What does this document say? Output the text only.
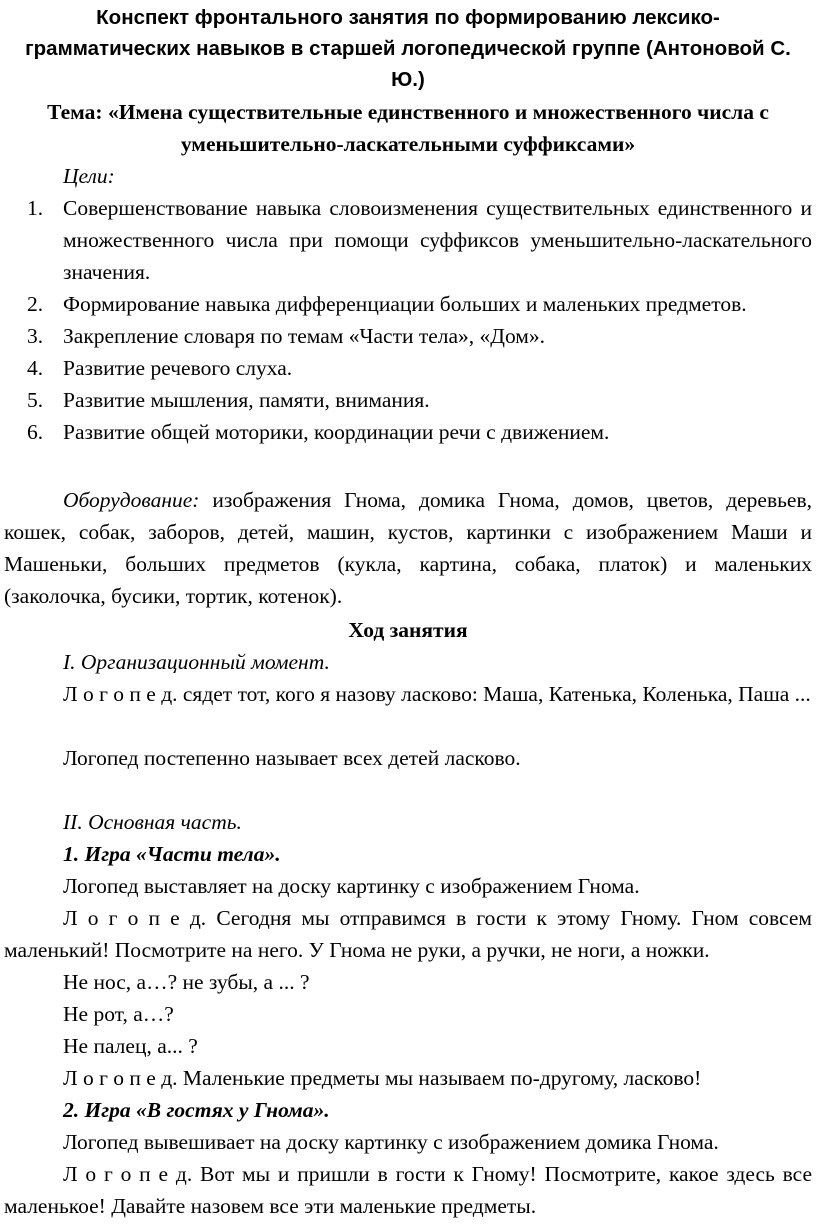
Конспект фронтального занятия по формированию лексико-грамматических навыков в старшей логопедической группе (Антоновой С. Ю.)
Тема: «Имена существительные единственного и множественного числа с уменьшительно-ласкательными суффиксами»
Цели:
1. Совершенствование навыка словоизменения существительных единственного и множественного числа при помощи суффиксов уменьшительно-ласкательного значения.
2. Формирование навыка дифференциации больших и маленьких предметов.
3. Закрепление словаря по темам «Части тела», «Дом».
4. Развитие речевого слуха.
5. Развитие мышления, памяти, внимания.
6. Развитие общей моторики, координации речи с движением.
Оборудование: изображения Гнома, домика Гнома, домов, цветов, деревьев, кошек, собак, заборов, детей, машин, кустов, картинки с изображением Маши и Машеньки, больших предметов (кукла, картина, собака, платок) и маленьких (заколочка, бусики, тортик, котенок).
Ход занятия
I. Организационный момент.
Л о г о п е д. сядет тот, кого я назову ласково: Маша, Катенька, Коленька, Паша ...
Логопед постепенно называет всех детей ласково.
II. Основная часть.
1. Игра «Части тела».
Логопед выставляет на доску картинку с изображением Гнома.
Л о г о п е д. Сегодня мы отправимся в гости к этому Гному. Гном совсем маленький! Посмотрите на него. У Гнома не руки, а ручки, не ноги, а ножки.
Не нос, а…? не зубы, а ... ?
Не рот, а…?
Не палец, а... ?
Л о г о п е д. Маленькие предметы мы называем по-другому, ласково!
2. Игра «В гостях у Гнома».
Логопед вывешивает на доску картинку с изображением домика Гнома.
Л о г о п е д. Вот мы и пришли в гости к Гному! Посмотрите, какое здесь все маленькое! Давайте назовем все эти маленькие предметы.
